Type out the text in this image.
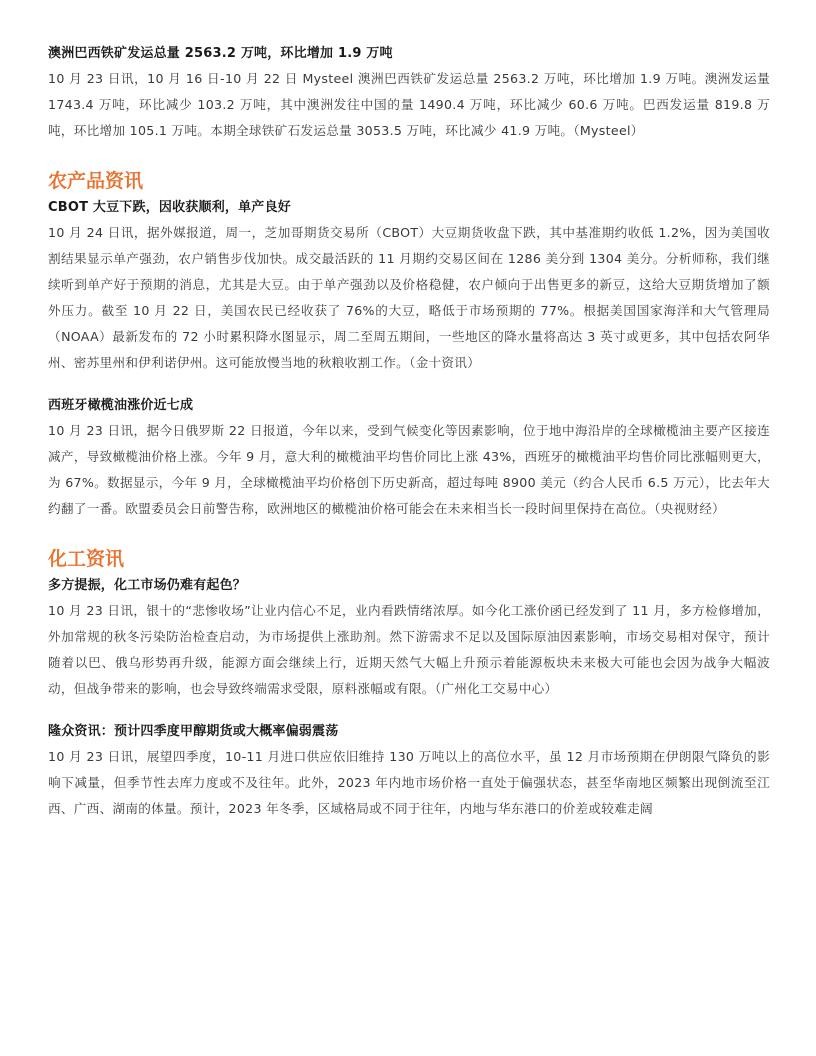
澳洲巴西铁矿发运总量 2563.2 万吨，环比增加 1.9 万吨

10 月 23 日讯，10 月 16 日-10 月 22 日 Mysteel 澳洲巴西铁矿发运总量 2563.2 万吨，环比增加 1.9 万吨。澳洲发运量 1743.4 万吨，环比减少 103.2 万吨，其中澳洲发往中国的量 1490.4 万吨，环比减少 60.6 万吨。巴西发运量 819.8 万吨，环比增加 105.1 万吨。本期全球铁矿石发运总量 3053.5 万吨，环比减少 41.9 万吨。（Mysteel）

农产品资讯

CBOT 大豆下跌，因收获顺利，单产良好

10 月 24 日讯，据外媒报道，周一，芝加哥期货交易所（CBOT）大豆期货收盘下跌，其中基准期约收低 1.2%，因为美国收割结果显示单产强劲，农户销售步伐加快。成交最活跃的 11 月期约交易区间在 1286 美分到 1304 美分。分析师称，我们继续听到单产好于预期的消息，尤其是大豆。由于单产强劲以及价格稳健，农户倾向于出售更多的新豆，这给大豆期货增加了额外压力。截至 10 月 22 日，美国农民已经收获了 76%的大豆，略低于市场预期的 77%。根据美国国家海洋和大气管理局（NOAA）最新发布的 72 小时累积降水图显示，周二至周五期间，一些地区的降水量将高达 3 英寸或更多，其中包括农阿华州、密苏里州和伊利诺伊州。这可能放慢当地的秋粮收割工作。（金十资讯）

西班牙橄榄油涨价近七成

10 月 23 日讯，据今日俄罗斯 22 日报道，今年以来，受到气候变化等因素影响，位于地中海沿岸的全球橄榄油主要产区接连减产，导致橄榄油价格上涨。今年 9 月，意大利的橄榄油平均售价同比上涨 43%，西班牙的橄榄油平均售价同比涨幅则更大，为 67%。数据显示，今年 9 月，全球橄榄油平均价格创下历史新高，超过每吨 8900 美元（约合人民币 6.5 万元），比去年大约翻了一番。欧盟委员会日前警告称，欧洲地区的橄榄油价格可能会在未来相当长一段时间里保持在高位。（央视财经）

化工资讯

多方提振，化工市场仍难有起色？

10 月 23 日讯，银十的“悲惨收场”让业内信心不足，业内看跌情绪浓厚。如今化工涨价函已经发到了 11 月，多方检修增加，外加常规的秋冬污染防治检查启动，为市场提供上涨助剂。然下游需求不足以及国际原油因素影响，市场交易相对保守，预计随着以巴、俄乌形势再升级，能源方面会继续上行，近期天然气大幅上升预示着能源板块未来极大可能也会因为战争大幅波动，但战争带来的影响，也会导致终端需求受限，原料涨幅或有限。（广州化工交易中心）

隆众资讯：预计四季度甲醇期货或大概率偏弱震荡

10 月 23 日讯，展望四季度，10-11 月进口供应依旧维持 130 万吨以上的高位水平，虽 12 月市场预期在伊朗限气降负的影响下减量，但季节性去库力度或不及往年。此外，2023 年内地市场价格一直处于偏强状态，甚至华南地区频繁出现倒流至江西、广西、湖南的体量。预计，2023 年冬季，区域格局或不同于往年，内地与华东港口的价差或较难走阔
